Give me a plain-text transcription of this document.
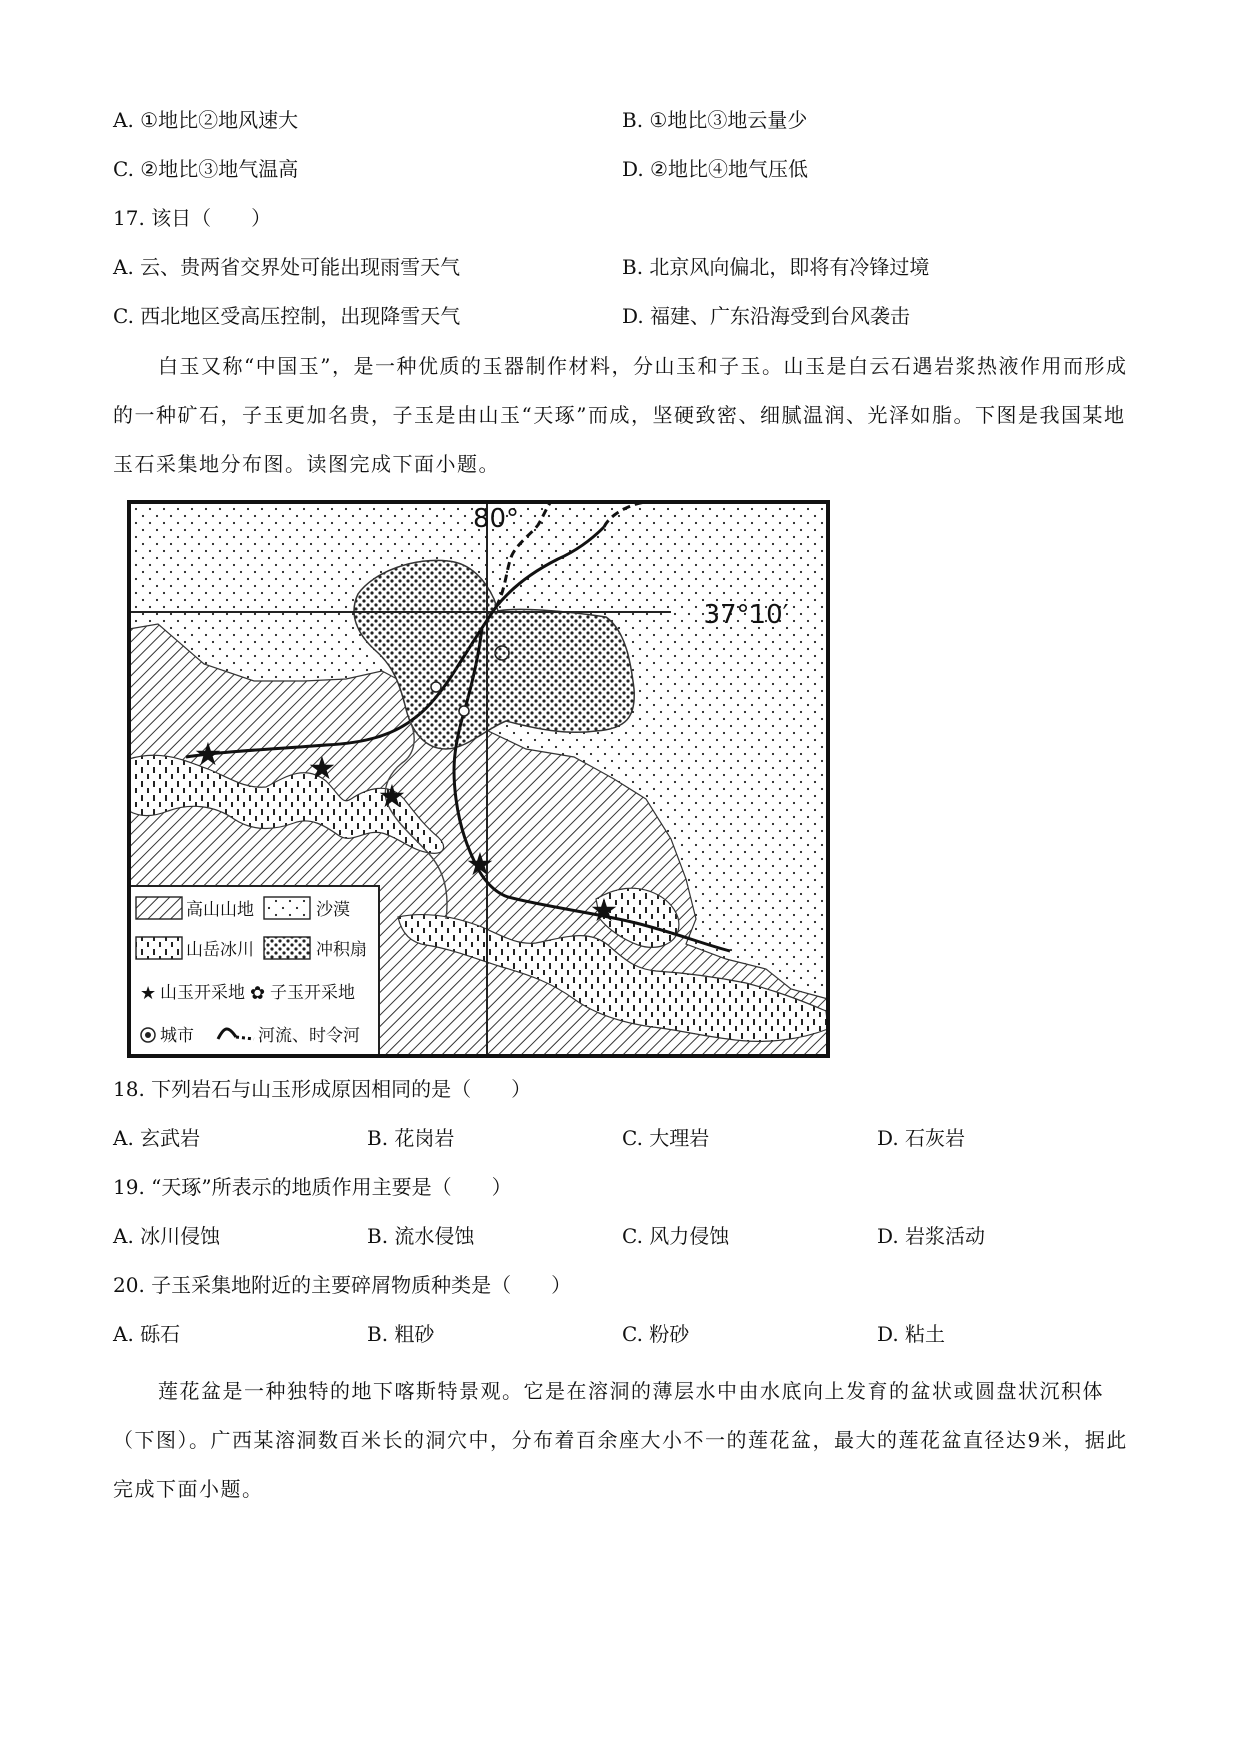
A. ①地比②地风速大	B. ①地比③地云量少
C. ②地比③地气温高	D. ②地比④地气压低
17. 该日（　　）
A. 云、贵两省交界处可能出现雨雪天气	B. 北京风向偏北，即将有冷锋过境
C. 西北地区受高压控制，出现降雪天气	D. 福建、广东沿海受到台风袭击
白玉又称“中国玉”，是一种优质的玉器制作材料，分山玉和子玉。山玉是白云石遇岩浆热液作用而形成的一种矿石，子玉更加名贵，子玉是由山玉“天琢”而成，坚硬致密、细腻温润、光泽如脂。下图是我国某地玉石采集地分布图。读图完成下面小题。
★	★
★
★
★
80°
37°10′
高山山地	沙漠
山岳冰川	冲积扇
★ 山玉开采地 ✿ 子玉开采地
城市	河流、时令河
18. 下列岩石与山玉形成原因相同的是（　　）
A. 玄武岩	B. 花岗岩	C. 大理岩	D. 石灰岩
19. “天琢”所表示的地质作用主要是（　　）
A. 冰川侵蚀	B. 流水侵蚀	C. 风力侵蚀	D. 岩浆活动
20. 子玉采集地附近的主要碎屑物质种类是（　　）
A. 砾石	B. 粗砂	C. 粉砂	D. 粘土
莲花盆是一种独特的地下喀斯特景观。它是在溶洞的薄层水中由水底向上发育的盆状或圆盘状沉积体（下图）。广西某溶洞数百米长的洞穴中，分布着百余座大小不一的莲花盆，最大的莲花盆直径达9米，据此完成下面小题。
